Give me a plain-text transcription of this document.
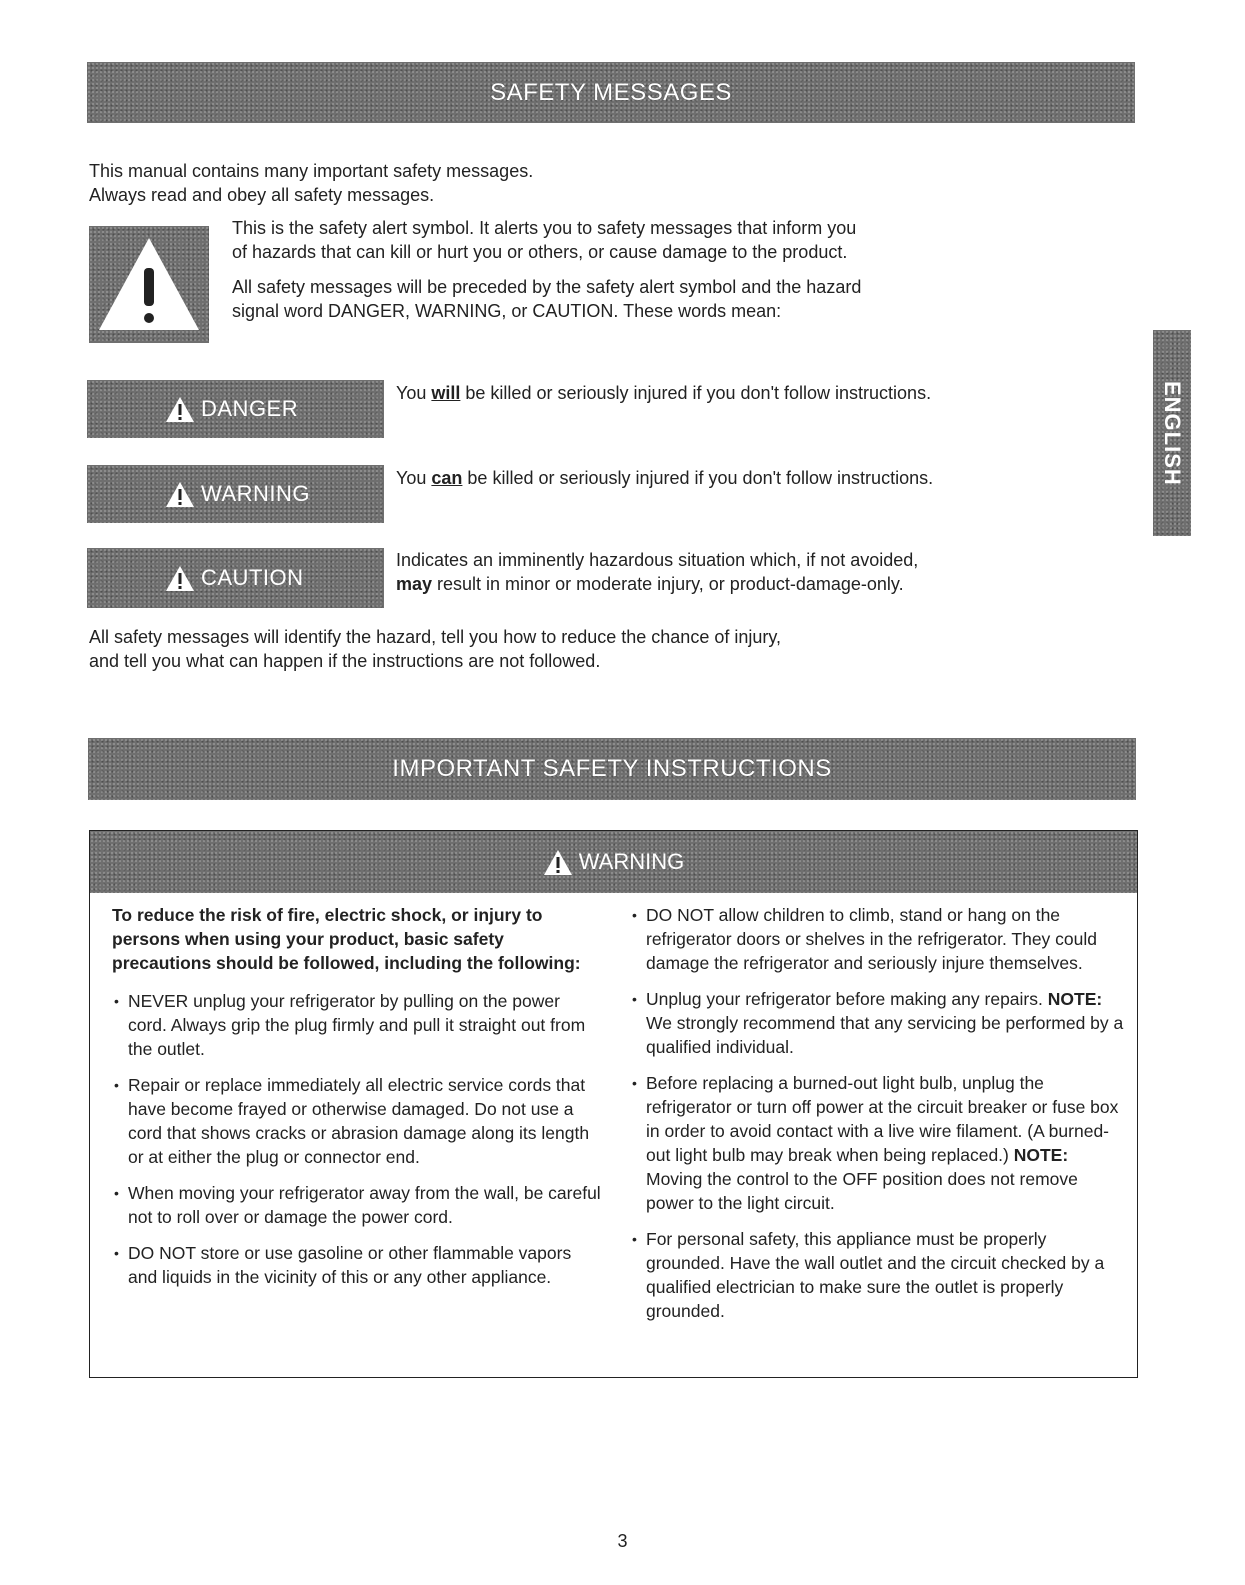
SAFETY MESSAGES
This manual contains many important safety messages.
Always read and obey all safety messages.

This is the safety alert symbol. It alerts you to safety messages that inform you
of hazards that can kill or hurt you or others, or cause damage to the product.

All safety messages will be preceded by the safety alert symbol and the hazard
signal word DANGER, WARNING, or CAUTION. These words mean:

DANGER
You will be killed or seriously injured if you don't follow instructions.
WARNING
You can be killed or seriously injured if you don't follow instructions.
CAUTION
Indicates an imminently hazardous situation which, if not avoided,
may result in minor or moderate injury, or product-damage-only.
All safety messages will identify the hazard, tell you how to reduce the chance of injury,
and tell you what can happen if the instructions are not followed.
IMPORTANT SAFETY INSTRUCTIONS
WARNING

To reduce the risk of fire, electric shock, or injury to persons when using your product, basic safety precautions should be followed, including the following:

• NEVER unplug your refrigerator by pulling on the power cord. Always grip the plug firmly and pull it straight out from the outlet.
• Repair or replace immediately all electric service cords that have become frayed or otherwise damaged. Do not use a cord that shows cracks or abrasion damage along its length or at either the plug or connector end.
• When moving your refrigerator away from the wall, be careful not to roll over or damage the power cord.
• DO NOT store or use gasoline or other flammable vapors and liquids in the vicinity of this or any other appliance.
• DO NOT allow children to climb, stand or hang on the refrigerator doors or shelves in the refrigerator. They could damage the refrigerator and seriously injure themselves.
• Unplug your refrigerator before making any repairs. NOTE: We strongly recommend that any servicing be performed by a qualified individual.
• Before replacing a burned-out light bulb, unplug the refrigerator or turn off power at the circuit breaker or fuse box in order to avoid contact with a live wire filament. (A burned-out light bulb may break when being replaced.) NOTE: Moving the control to the OFF position does not remove power to the light circuit.
• For personal safety, this appliance must be properly grounded. Have the wall outlet and the circuit checked by a qualified electrician to make sure the outlet is properly grounded.
ENGLISH
3
